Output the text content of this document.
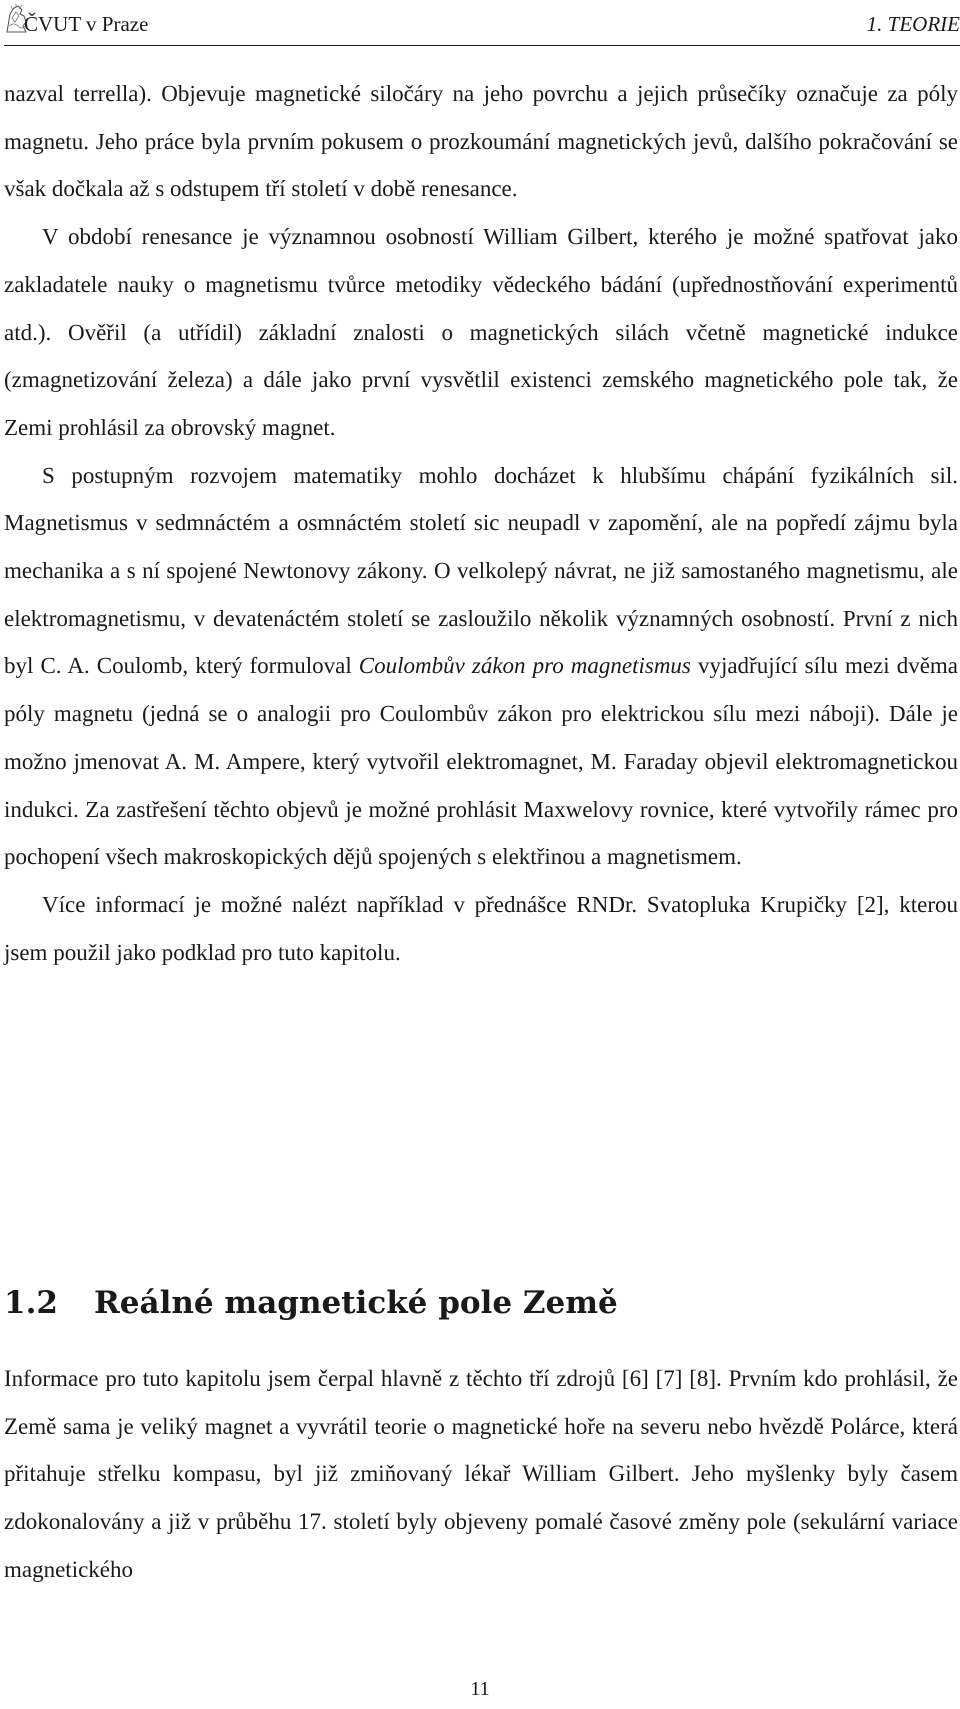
ČVUT v Praze	1. TEORIE

nazval terrella). Objevuje magnetické siločáry na jeho povrchu a jejich průsečíky označuje za póly magnetu. Jeho práce byla prvním pokusem o prozkoumání magnetických jevů, dalšího pokračování se však dočkala až s odstupem tří století v době renesance.

V období renesance je významnou osobností William Gilbert, kterého je možné spatřovat jako zakladatele nauky o magnetismu tvůrce metodiky vědeckého bádání (upřednostňování experimentů atd.). Ověřil (a utřídil) základní znalosti o magnetických silách včetně magnetické indukce (zmagnetizování železa) a dále jako první vysvětlil existenci zemského magnetického pole tak, že Zemi prohlásil za obrovský magnet.

S postupným rozvojem matematiky mohlo docházet k hlubšímu chápání fyzikálních sil. Magnetismus v sedmnáctém a osmnáctém století sic neupadl v zapomění, ale na popředí zájmu byla mechanika a s ní spojené Newtonovy zákony. O velkolepý návrat, ne již samostaného magnetismu, ale elektromagnetismu, v devatenáctém století se zasloužilo několik významných osobností. První z nich byl C. A. Coulomb, který formuloval Coulombův zákon pro magnetismus vyjadřující sílu mezi dvěma póly magnetu (jedná se o analogii pro Coulombův zákon pro elektrickou sílu mezi náboji). Dále je možno jmenovat A. M. Ampere, který vytvořil elektromagnet, M. Faraday objevil elektromagnetickou indukci. Za zastřešení těchto objevů je možné prohlásit Maxwelovy rovnice, které vytvořily rámec pro pochopení všech makroskopických dějů spojených s elektřinou a magnetismem.

Více informací je možné nalézt například v přednášce RNDr. Svatopluka Krupičky [2], kterou jsem použil jako podklad pro tuto kapitolu.

1.2 Reálné magnetické pole Země

Informace pro tuto kapitolu jsem čerpal hlavně z těchto tří zdrojů [6] [7] [8]. Prvním kdo prohlásil, že Země sama je veliký magnet a vyvrátil teorie o magnetické hoře na severu nebo hvězdě Polárce, která přitahuje střelku kompasu, byl již zmiňovaný lékař William Gilbert. Jeho myšlenky byly časem zdokonalovány a již v průběhu 17. století byly objeveny pomalé časové změny pole (sekulární variace magnetického

11
